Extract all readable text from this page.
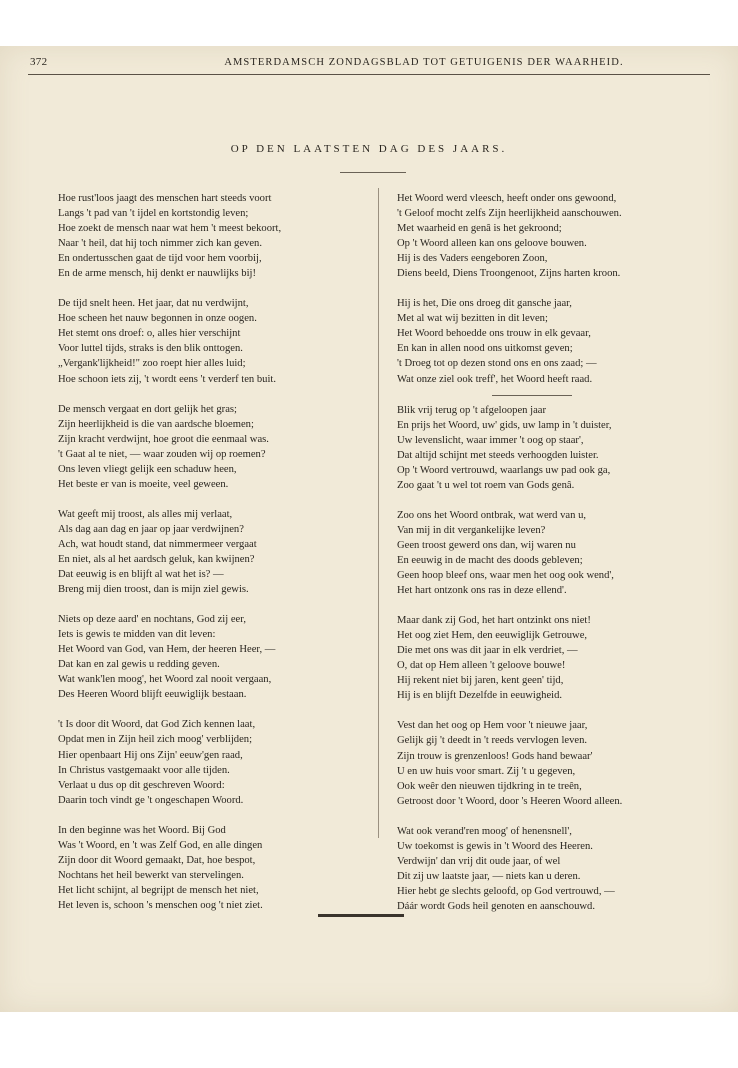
372	AMSTERDAMSCH ZONDAGSBLAD TOT GETUIGENIS DER WAARHEID.
OP DEN LAATSTEN DAG DES JAARS.
Hoe rust'loos jaagt des menschen hart steeds voort
Langs 't pad van 't ijdel en kortstondig leven;
Hoe zoekt de mensch naar wat hem 't meest bekoort,
Naar 't heil, dat hij toch nimmer zich kan geven.
En ondertusschen gaat de tijd voor hem voorbij,
En de arme mensch, hij denkt er nauwlijks bij!
De tijd snelt heen. Het jaar, dat nu verdwijnt,
Hoe scheen het nauw begonnen in onze oogen.
Het stemt ons droef: o, alles hier verschijnt
Voor luttel tijds, straks is den blik onttogen.
„Vergank'lijkheid!" zoo roept hier alles luid;
Hoe schoon iets zij, 't wordt eens 't verderf ten buit.
De mensch vergaat en dort gelijk het gras;
Zijn heerlijkheid is die van aardsche bloemen;
Zijn kracht verdwijnt, hoe groot die eenmaal was.
't Gaat al te niet, — waar zouden wij op roemen?
Ons leven vliegt gelijk een schaduw heen,
Het beste er van is moeite, veel geween.
Wat geeft mij troost, als alles mij verlaat,
Als dag aan dag en jaar op jaar verdwijnen?
Ach, wat houdt stand, dat nimmermeer vergaat
En niet, als al het aardsch geluk, kan kwijnen?
Dat eeuwig is en blijft al wat het is? —
Breng mij dien troost, dan is mijn ziel gewis.
Niets op deze aard' en nochtans, God zij eer,
Iets is gewis te midden van dit leven:
Het Woord van God, van Hem, der heeren Heer, —
Dat kan en zal gewis u redding geven.
Wat wank'len moog', het Woord zal nooit vergaan,
Des Heeren Woord blijft eeuwiglijk bestaan.
't Is door dit Woord, dat God Zich kennen laat,
Opdat men in Zijn heil zich moog' verblijden;
Hier openbaart Hij ons Zijn' eeuw'gen raad,
In Christus vastgemaakt voor alle tijden.
Verlaat u dus op dit geschreven Woord:
Daarin toch vindt ge 't ongeschapen Woord.
In den beginne was het Woord. Bij God
Was 't Woord, en 't was Zelf God, en alle dingen
Zijn door dit Woord gemaakt, Dat, hoe bespot,
Nochtans het heil bewerkt van stervelingen.
Het licht schijnt, al begrijpt de mensch het niet,
Het leven is, schoon 's menschen oog 't niet ziet.
Het Woord werd vleesch, heeft onder ons gewoond,
't Geloof mocht zelfs Zijn heerlijkheid aanschouwen.
Met waarheid en genâ is het gekroond;
Op 't Woord alleen kan ons geloove bouwen.
Hij is des Vaders eengeboren Zoon,
Diens beeld, Diens Troongenoot, Zijns harten kroon.
Hij is het, Die ons droeg dit gansche jaar,
Met al wat wij bezitten in dit leven;
Het Woord behoedde ons trouw in elk gevaar,
En kan in allen nood ons uitkomst geven;
't Droeg tot op dezen stond ons en ons zaad; —
Wat onze ziel ook treff', het Woord heeft raad.
Blik vrij terug op 't afgeloopen jaar
En prijs het Woord, uw' gids, uw lamp in 't duister,
Uw levenslicht, waar immer 't oog op staar',
Dat altijd schijnt met steeds verhoogden luister.
Op 't Woord vertrouwd, waarlangs uw pad ook ga,
Zoo gaat 't u wel tot roem van Gods genâ.
Zoo ons het Woord ontbrak, wat werd van u,
Van mij in dit vergankelijke leven?
Geen troost gewerd ons dan, wij waren nu
En eeuwig in de macht des doods gebleven;
Geen hoop bleef ons, waar men het oog ook wend',
Het hart ontzonk ons ras in deze ellend'.
Maar dank zij God, het hart ontzinkt ons niet!
Het oog ziet Hem, den eeuwiglijk Getrouwe,
Die met ons was dit jaar in elk verdriet, —
O, dat op Hem alleen 't geloove bouwe!
Hij rekent niet bij jaren, kent geen' tijd,
Hij is en blijft Dezelfde in eeuwigheid.
Vest dan het oog op Hem voor 't nieuwe jaar,
Gelijk gij 't deedt in 't reeds vervlogen leven.
Zijn trouw is grenzenloos! Gods hand bewaar'
U en uw huis voor smart. Zij 't u gegeven,
Ook weêr den nieuwen tijdkring in te treên,
Getroost door 't Woord, door 's Heeren Woord alleen.
Wat ook verand'ren moog' of henensnell',
Uw toekomst is gewis in 't Woord des Heeren.
Verdwijn' dan vrij dit oude jaar, of wel
Dit zij uw laatste jaar, — niets kan u deren.
Hier hebt ge slechts geloofd, op God vertrouwd, —
Dáár wordt Gods heil genoten en aanschouwd.
